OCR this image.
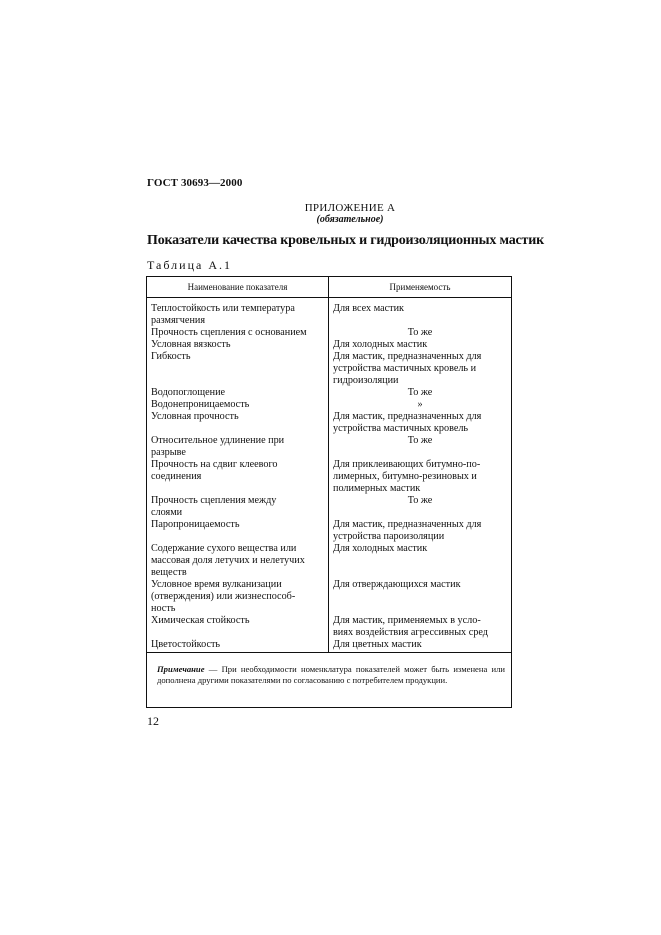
ГОСТ 30693—2000
ПРИЛОЖЕНИЕ А
(обязательное)
Показатели качества кровельных и гидроизоляционных мастик
Таблица А.1
Наименование показателя	Применяемость
Теплостойкость или температура
размягчения
Прочность сцепления с основанием
Условная вязкость
Гибкость

Водопоглощение
Водонепроницаемость
Условная прочность

Относительное удлинение при
разрыве
Прочность на сдвиг клеевого
соединения

Прочность сцепления между
слоями
Паропроницаемость

Содержание сухого вещества или
массовая доля летучих и нелетучих
веществ
Условное время вулканизации
(отверждения) или жизнеспособ-
ность
Химическая стойкость

Цветостойкость
Для всех мастик

То же
Для холодных мастик
Для мастик, предназначенных для
устройства мастичных кровель и
гидроизоляции
То же
»
Для мастик, предназначенных для
устройства мастичных кровель
То же

Для приклеивающих битумно-по-
лимерных, битумно-резиновых и
полимерных мастик
То же

Для мастик, предназначенных для
устройства пароизоляции
Для холодных мастик

Для отверждающихся мастик

Для мастик, применяемых в усло-
виях воздействия агрессивных сред
Для цветных мастик
Примечание — При необходимости номенклатура показателей может быть изменена или дополнена другими показателями по согласованию с потребителем продукции.
12
